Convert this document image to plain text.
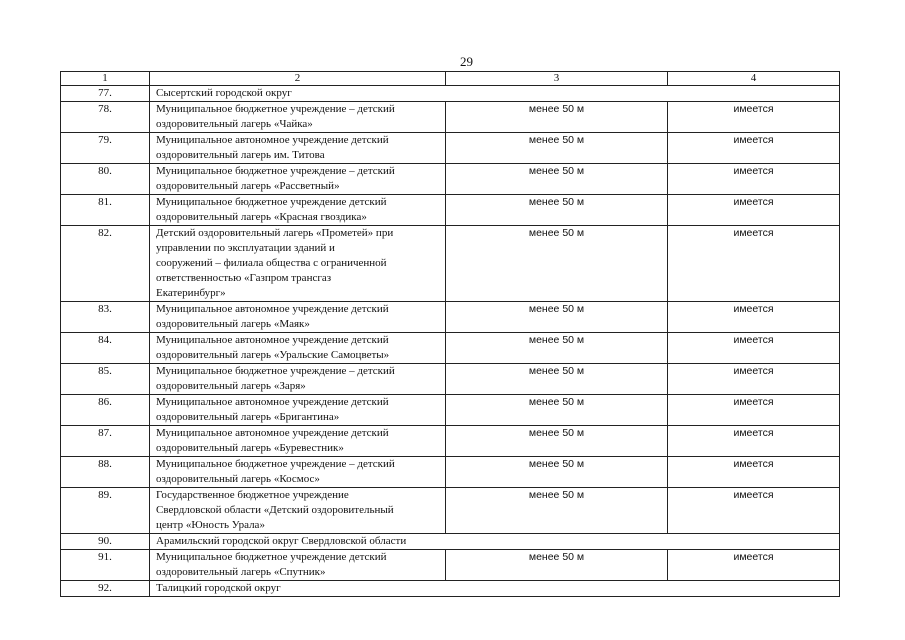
29
1	2	3	4
77.	Сысертский городской округ		
78.	Муниципальное бюджетное учреждение – детский
оздоровительный лагерь «Чайка»	менее 50 м	имеется
79.	Муниципальное автономное учреждение детский
оздоровительный лагерь им. Титова	менее 50 м	имеется
80.	Муниципальное бюджетное учреждение – детский
оздоровительный лагерь «Рассветный»	менее 50 м	имеется
81.	Муниципальное бюджетное учреждение детский
оздоровительный лагерь «Красная гвоздика»	менее 50 м	имеется
82.	Детский оздоровительный лагерь «Прометей» при
управлении по эксплуатации зданий и
сооружений – филиала общества с ограниченной
ответственностью «Газпром трансгаз
Екатеринбург»	менее 50 м	имеется
83.	Муниципальное автономное учреждение детский
оздоровительный лагерь «Маяк»	менее 50 м	имеется
84.	Муниципальное автономное учреждение детский
оздоровительный лагерь «Уральские Самоцветы»	менее 50 м	имеется
85.	Муниципальное бюджетное учреждение – детский
оздоровительный лагерь «Заря»	менее 50 м	имеется
86.	Муниципальное автономное учреждение детский
оздоровительный лагерь «Бригантина»	менее 50 м	имеется
87.	Муниципальное автономное учреждение детский
оздоровительный лагерь «Буревестник»	менее 50 м	имеется
88.	Муниципальное бюджетное учреждение – детский
оздоровительный лагерь «Космос»	менее 50 м	имеется
89.	Государственное бюджетное учреждение
Свердловской области «Детский оздоровительный
центр «Юность Урала»	менее 50 м	имеется
90.	Арамильский городской округ Свердловской области		
91.	Муниципальное бюджетное учреждение детский
оздоровительный лагерь «Спутник»	менее 50 м	имеется
92.	Талицкий городской округ		
